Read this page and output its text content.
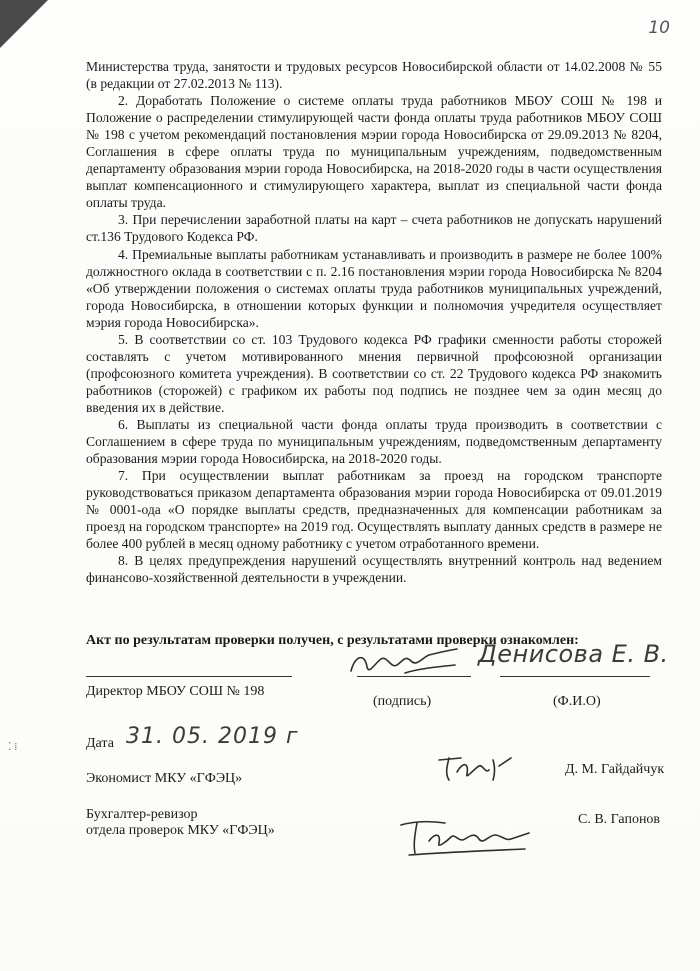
10

Министерства труда, занятости и трудовых ресурсов Новосибирской области от 14.02.2008 № 55 (в редакции от 27.02.2013 № 113).

2. Доработать Положение о системе оплаты труда работников МБОУ СОШ № 198 и Положение о распределении стимулирующей части фонда оплаты труда работников МБОУ СОШ № 198 с учетом рекомендаций постановления мэрии города Новосибирска от 29.09.2013 № 8204, Соглашения в сфере оплаты труда по муниципальным учреждениям, подведомственным департаменту образования мэрии города Новосибирска, на 2018-2020 годы в части осуществления выплат компенсационного и стимулирующего характера, выплат из специальной части фонда оплаты труда.

3. При перечислении заработной платы на карт – счета работников не допускать нарушений ст.136 Трудового Кодекса РФ.

4. Премиальные выплаты работникам устанавливать и производить в размере не более 100% должностного оклада в соответствии с п. 2.16 постановления мэрии города Новосибирска № 8204 «Об утверждении положения о системах оплаты труда работников муниципальных учреждений, города Новосибирска, в отношении которых функции и полномочия учредителя осуществляет мэрия города Новосибирска».

5. В соответствии со ст. 103 Трудового кодекса РФ графики сменности работы сторожей составлять с учетом мотивированного мнения первичной профсоюзной организации (профсоюзного комитета учреждения). В соответствии со ст. 22 Трудового кодекса РФ знакомить работников (сторожей) с графиком их работы под подпись не позднее чем за один месяц до введения их в действие.

6. Выплаты из специальной части фонда оплаты труда производить в соответствии с Соглашением в сфере труда по муниципальным учреждениям, подведомственным департаменту образования мэрии города Новосибирска, на 2018-2020 годы.

7. При осуществлении выплат работникам за проезд на городском транспорте руководствоваться приказом департамента образования мэрии города Новосибирска от 09.01.2019 № 0001-ода «О порядке выплаты средств, предназначенных для компенсации работникам за проезд на городском транспорте» на 2019 год. Осуществлять выплату данных средств в размере не более 400 рублей в месяц одному работнику с учетом отработанного времени.

8. В целях предупреждения нарушений осуществлять внутренний контроль над ведением финансово-хозяйственной деятельности в учреждении.

Акт по результатам проверки получен, с результатами проверки ознакомлен:
Денисова Е. В.
Директор МБОУ СОШ № 198
(подпись)	(Ф.И.О)
Дата 31. 05. 2019 г
⁚ ⁞
Экономист МКУ «ГФЭЦ»
Д. М. Гайдайчук
Бухгалтер-ревизор
отдела проверок МКУ «ГФЭЦ»
С. В. Гапонов
